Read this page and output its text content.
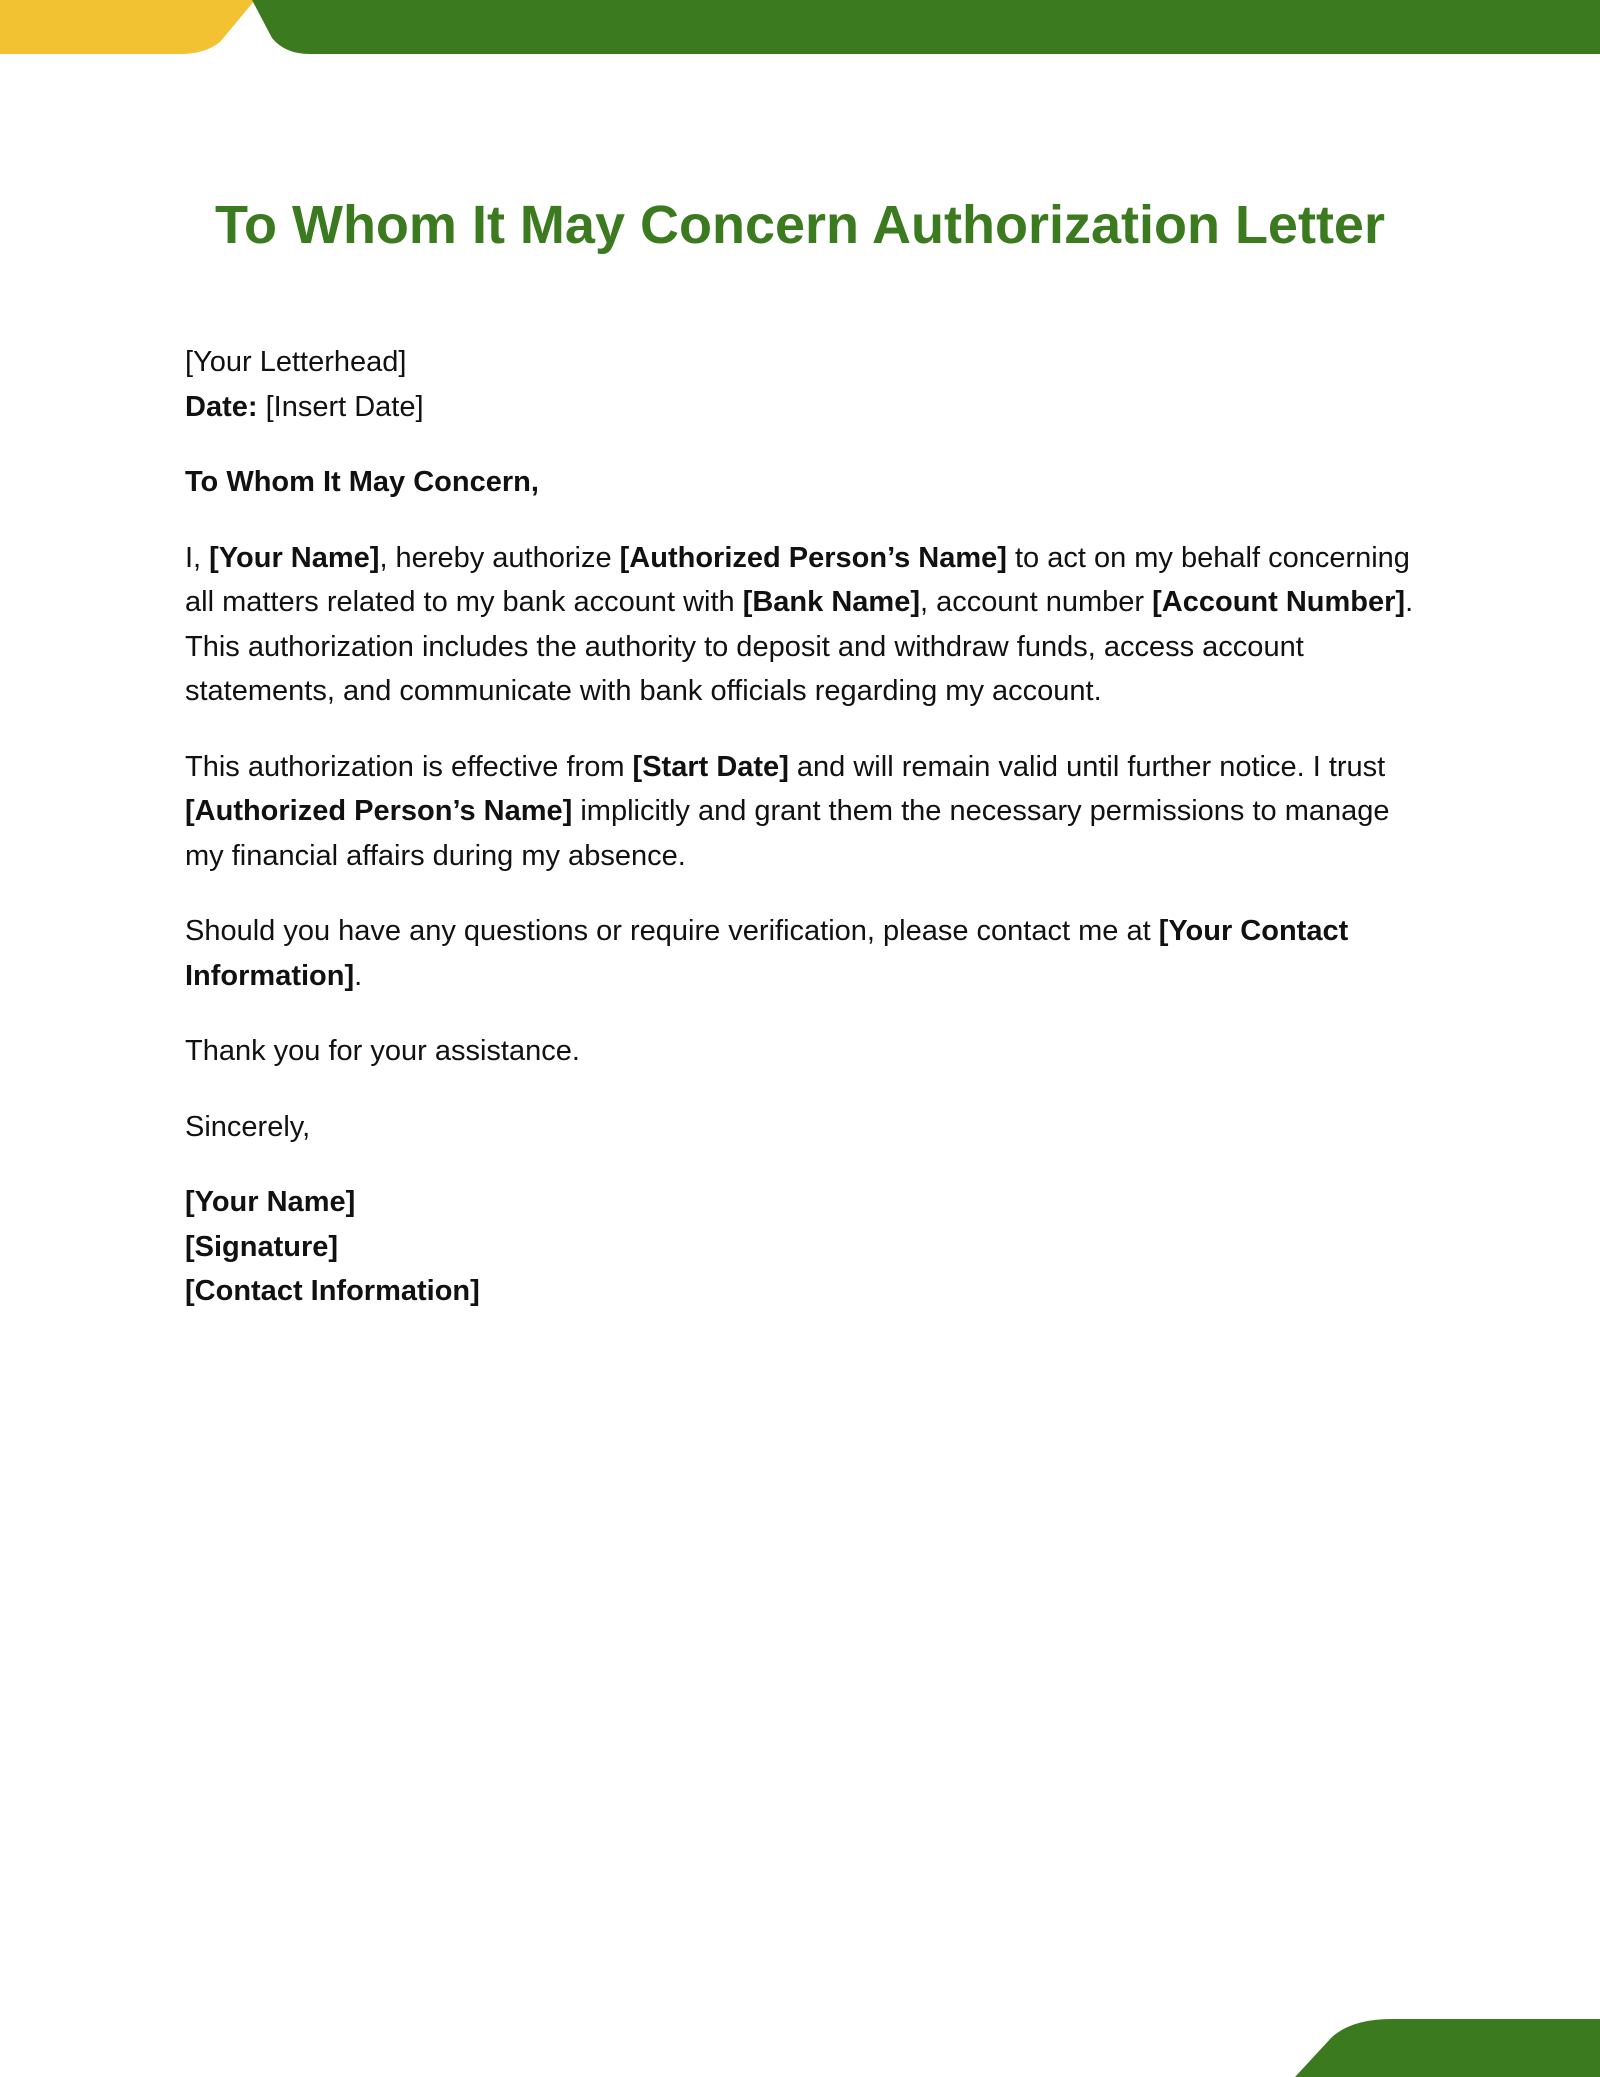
To Whom It May Concern Authorization Letter

[Your Letterhead]

Date: [Insert Date]

To Whom It May Concern,

I, [Your Name], hereby authorize [Authorized Person’s Name] to act on my behalf concerning all matters related to my bank account with [Bank Name], account number [Account Number]. This authorization includes the authority to deposit and withdraw funds, access account statements, and communicate with bank officials regarding my account.

This authorization is effective from [Start Date] and will remain valid until further notice. I trust [Authorized Person’s Name] implicitly and grant them the necessary permissions to manage my financial affairs during my absence.

Should you have any questions or require verification, please contact me at [Your Contact Information].

Thank you for your assistance.

Sincerely,

[Your Name]

[Signature]

[Contact Information]
